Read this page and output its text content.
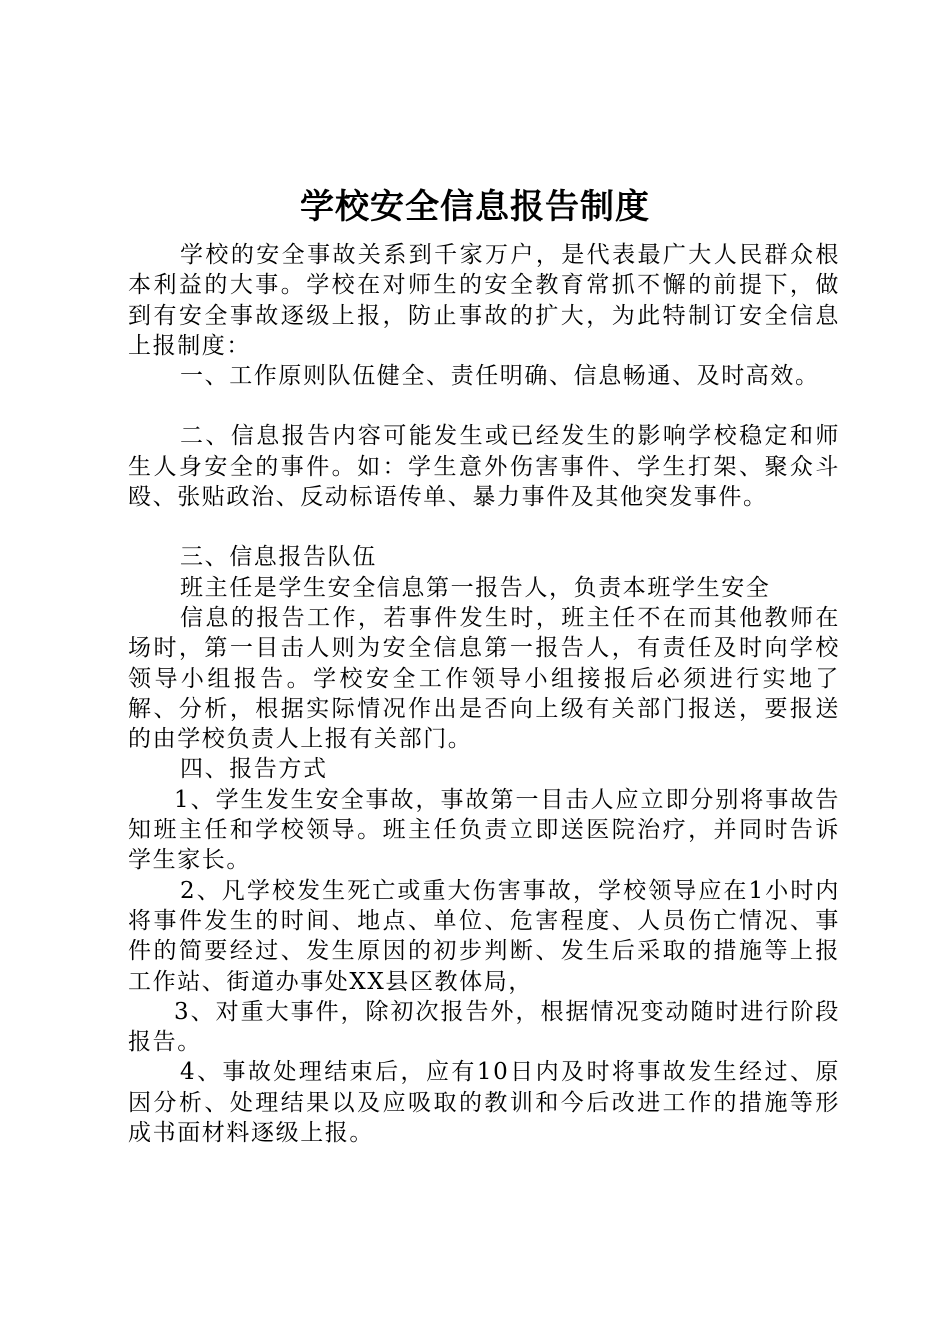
学校安全信息报告制度

学校的安全事故关系到千家万户，是代表最广大人民群众根本利益的大事。学校在对师生的安全教育常抓不懈的前提下，做到有安全事故逐级上报，防止事故的扩大，为此特制订安全信息上报制度：

一、工作原则队伍健全、责任明确、信息畅通、及时高效。

二、信息报告内容可能发生或已经发生的影响学校稳定和师生人身安全的事件。如：学生意外伤害事件、学生打架、聚众斗殴、张贴政治、反动标语传单、暴力事件及其他突发事件。

三、信息报告队伍

班主任是学生安全信息第一报告人，负责本班学生安全

信息的报告工作，若事件发生时，班主任不在而其他教师在场时，第一目击人则为安全信息第一报告人，有责任及时向学校领导小组报告。学校安全工作领导小组接报后必须进行实地了解、分析，根据实际情况作出是否向上级有关部门报送，要报送的由学校负责人上报有关部门。

四、报告方式

1、学生发生安全事故，事故第一目击人应立即分别将事故告知班主任和学校领导。班主任负责立即送医院治疗，并同时告诉学生家长。

2、凡学校发生死亡或重大伤害事故，学校领导应在1小时内将事件发生的时间、地点、单位、危害程度、人员伤亡情况、事件的简要经过、发生原因的初步判断、发生后采取的措施等上报工作站、街道办事处XX县区教体局，

3、对重大事件，除初次报告外，根据情况变动随时进行阶段报告。

4、事故处理结束后，应有10日内及时将事故发生经过、原因分析、处理结果以及应吸取的教训和今后改进工作的措施等形成书面材料逐级上报。
